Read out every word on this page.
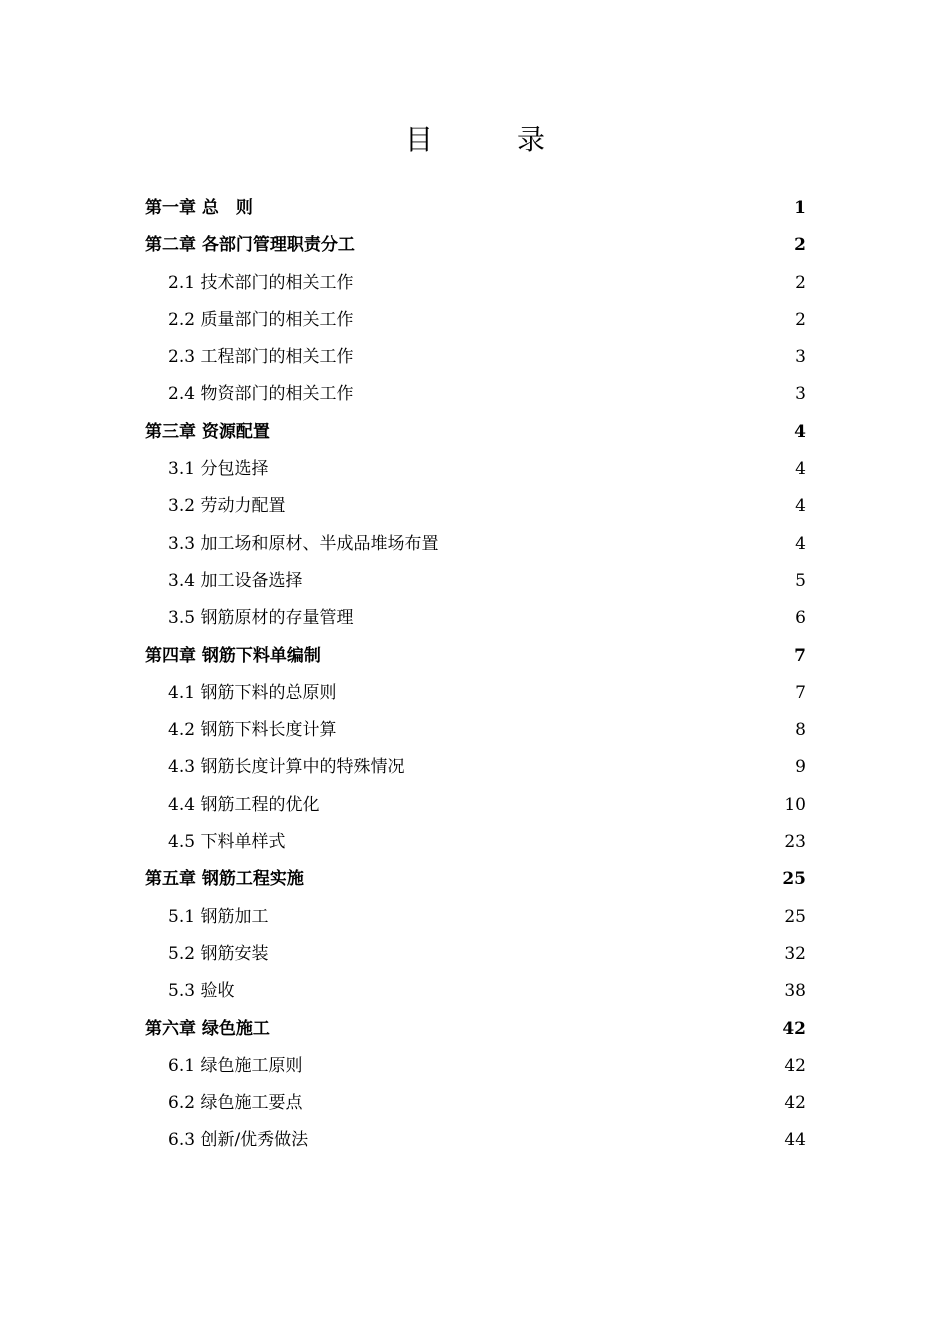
目　录
第一章 总　则 .....	1
第二章 各部门管理职责分工 .....	2
2.1 技术部门的相关工作 .....	2
2.2 质量部门的相关工作 .....	2
2.3 工程部门的相关工作 .....	3
2.4 物资部门的相关工作 .....	3
第三章 资源配置 .....	4
3.1 分包选择 .....	4
3.2 劳动力配置 .....	4
3.3 加工场和原材、半成品堆场布置 .....	4
3.4 加工设备选择 .....	5
3.5 钢筋原材的存量管理 .....	6
第四章 钢筋下料单编制 .....	7
4.1 钢筋下料的总原则 .....	7
4.2 钢筋下料长度计算 .....	8
4.3 钢筋长度计算中的特殊情况 .....	9
4.4 钢筋工程的优化 .....	10
4.5 下料单样式 .....	23
第五章 钢筋工程实施 .....	25
5.1 钢筋加工 .....	25
5.2 钢筋安装 .....	32
5.3 验收 .....	38
第六章 绿色施工 .....	42
6.1 绿色施工原则 .....	42
6.2 绿色施工要点 .....	42
6.3 创新/优秀做法 .....	44
